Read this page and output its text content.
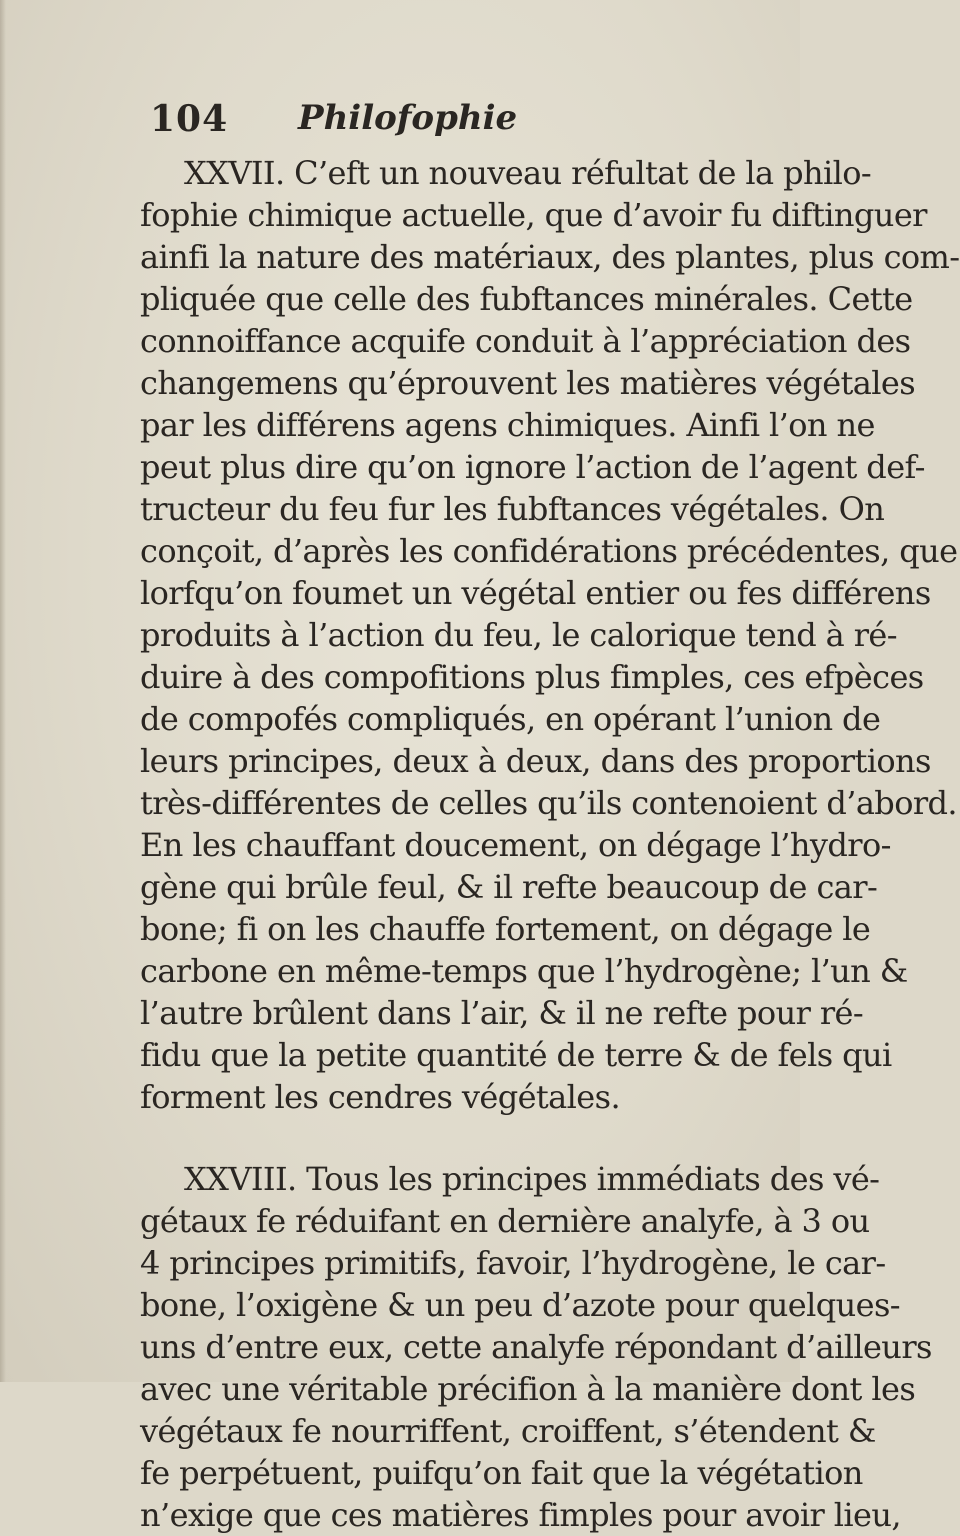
104 Philofophie

XXVII. C’eft un nouveau réfultat de la philo-
fophie chimique actuelle, que d’avoir fu diftinguer
ainfi la nature des matériaux, des plantes, plus com-
pliquée que celle des fubftances minérales. Cette
connoiffance acquife conduit à l’appréciation des
changemens qu’éprouvent les matières végétales
par les différens agens chimiques. Ainfi l’on ne
peut plus dire qu’on ignore l’action de l’agent def-
tructeur du feu fur les fubftances végétales. On
conçoit, d’après les confidérations précédentes, que
lorfqu’on foumet un végétal entier ou fes différens
produits à l’action du feu, le calorique tend à ré-
duire à des compofitions plus fimples, ces efpèces
de compofés compliqués, en opérant l’union de
leurs principes, deux à deux, dans des proportions
très-différentes de celles qu’ils contenoient d’abord.
En les chauffant doucement, on dégage l’hydro-
gène qui brûle feul, & il refte beaucoup de car-
bone; fi on les chauffe fortement, on dégage le
carbone en même-temps que l’hydrogène; l’un &
l’autre brûlent dans l’air, & il ne refte pour ré-
fidu que la petite quantité de terre & de fels qui
forment les cendres végétales.

XXVIII. Tous les principes immédiats des vé-
gétaux fe réduifant en dernière analyfe, à 3 ou
4 principes primitifs, favoir, l’hydrogène, le car-
bone, l’oxigène & un peu d’azote pour quelques-
uns d’entre eux, cette analyfe répondant d’ailleurs
avec une véritable précifion à la manière dont les
végétaux fe nourriffent, croiffent, s’étendent &
fe perpétuent, puifqu’on fait que la végétation
n’exige que ces matières fimples pour avoir lieu,
